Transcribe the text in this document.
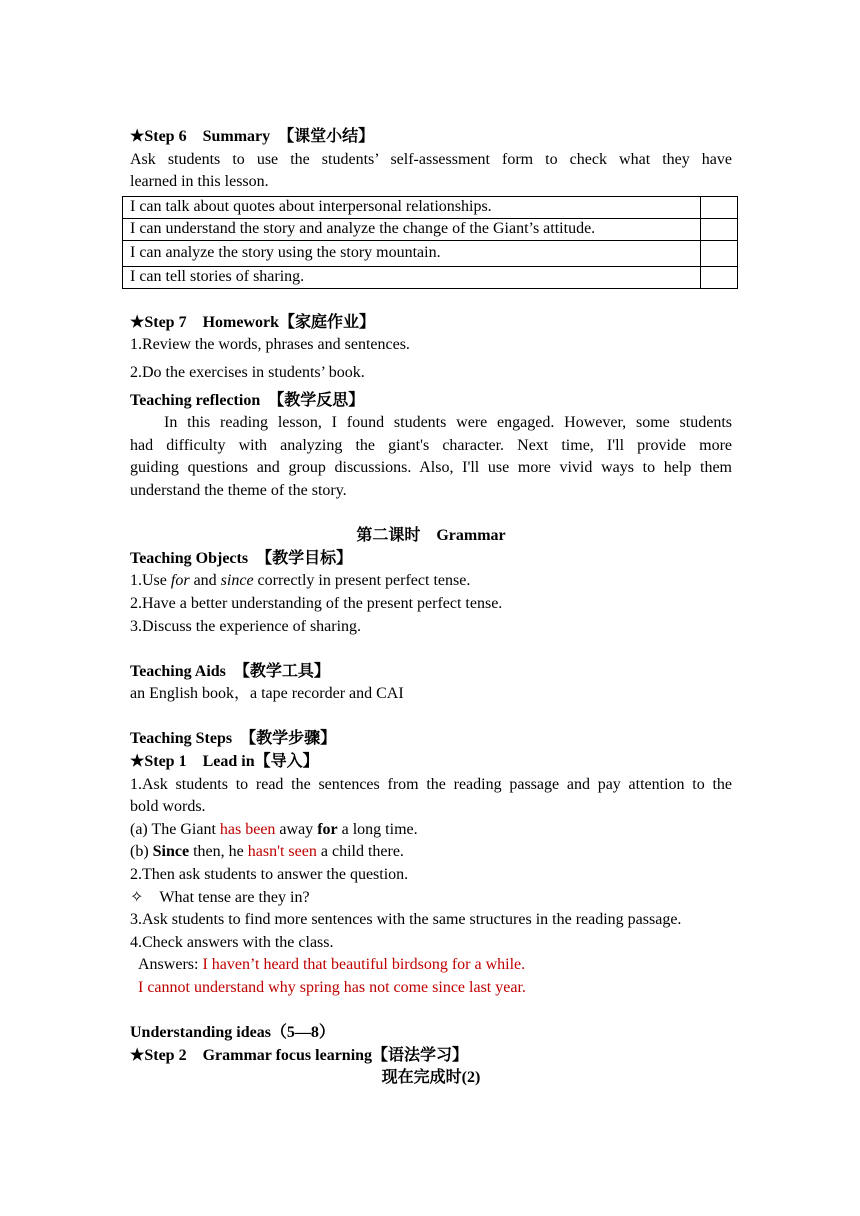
★Step 6　Summary　【课堂小结】
Ask students to use the students’ self-assessment form to check what they have
learned in this lesson.
I can talk about quotes about interpersonal relationships.	
I can understand the story and analyze the change of the Giant’s attitude.	
I can analyze the story using the story mountain.	
I can tell stories of sharing.	
★Step 7　Homework【家庭作业】
1.Review the words, phrases and sentences.
2.Do the exercises in students’ book.
Teaching reflection　【教学反思】
In this reading lesson, I found students were engaged. However, some students
had difficulty with analyzing the giant's character. Next time, I'll provide more
guiding questions and group discussions. Also, I'll use more vivid ways to help them
understand the theme of the story.
第二课时　Grammar
Teaching Objects　【教学目标】
1.Use for and since correctly in present perfect tense.
2.Have a better understanding of the present perfect tense.
3.Discuss the experience of sharing.
Teaching Aids　【教学工具】
an English book，a tape recorder and CAI
Teaching Steps　【教学步骤】
★Step 1　Lead in【导入】
1.Ask students to read the sentences from the reading passage and pay attention to the
bold words.
(a) The Giant has been away for a long time.
(b) Since then, he hasn't seen a child there.
2.Then ask students to answer the question.
✧　What tense are they in?
3.Ask students to find more sentences with the same structures in the reading passage.
4.Check answers with the class.
Answers: I haven’t heard that beautiful birdsong for a while.
I cannot understand why spring has not come since last year.
Understanding ideas（5—8）
★Step 2　Grammar focus learning【语法学习】
现在完成时(2)
